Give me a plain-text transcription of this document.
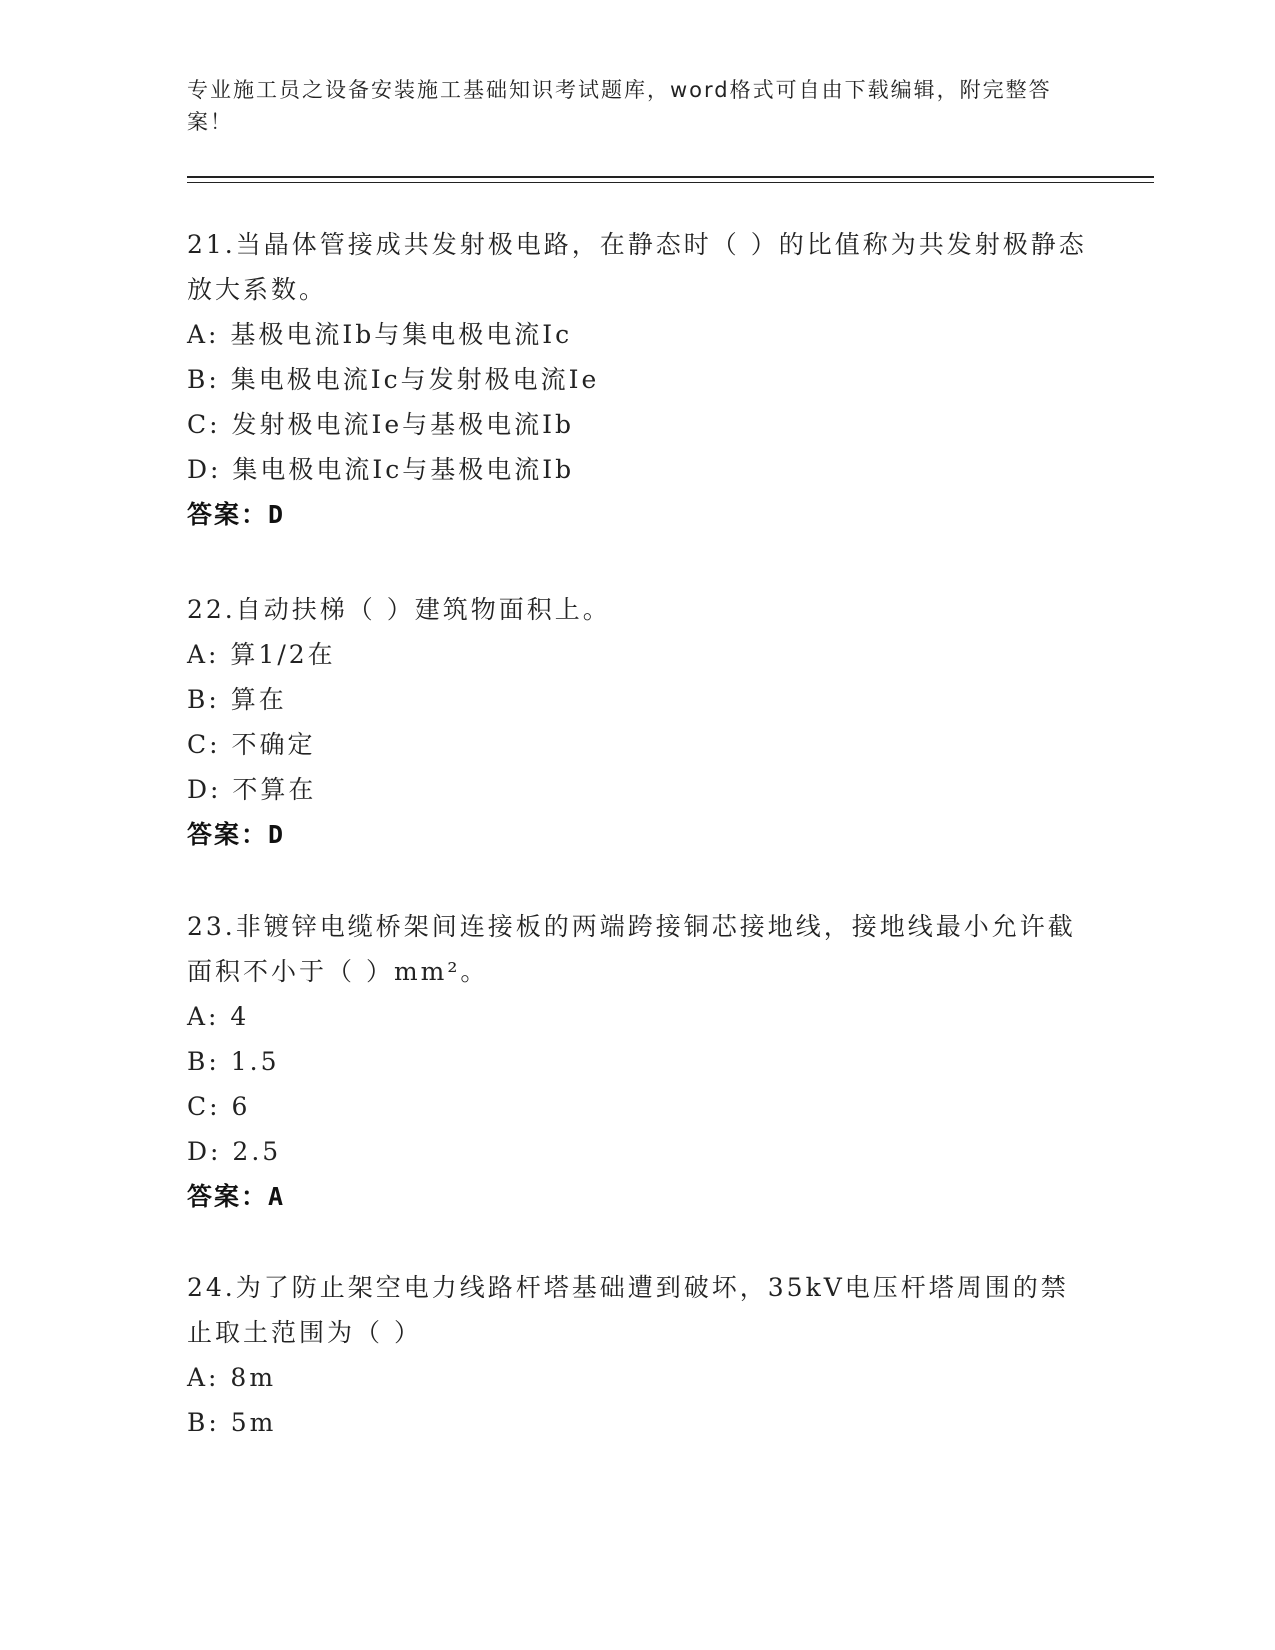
专业施工员之设备安装施工基础知识考试题库，word格式可自由下载编辑，附完整答案！
21.当晶体管接成共发射极电路，在静态时（ ）的比值称为共发射极静态放大系数。
A: 基极电流Ib与集电极电流Ic
B: 集电极电流Ic与发射极电流Ie
C: 发射极电流Ie与基极电流Ib
D: 集电极电流Ic与基极电流Ib
答案：D
22.自动扶梯（ ）建筑物面积上。
A: 算1/2在
B: 算在
C: 不确定
D: 不算在
答案：D
23.非镀锌电缆桥架间连接板的两端跨接铜芯接地线，接地线最小允许截面积不小于（ ）mm²。
A: 4
B: 1.5
C: 6
D: 2.5
答案：A
24.为了防止架空电力线路杆塔基础遭到破坏，35kV电压杆塔周围的禁止取土范围为（ ）
A: 8m
B: 5m
